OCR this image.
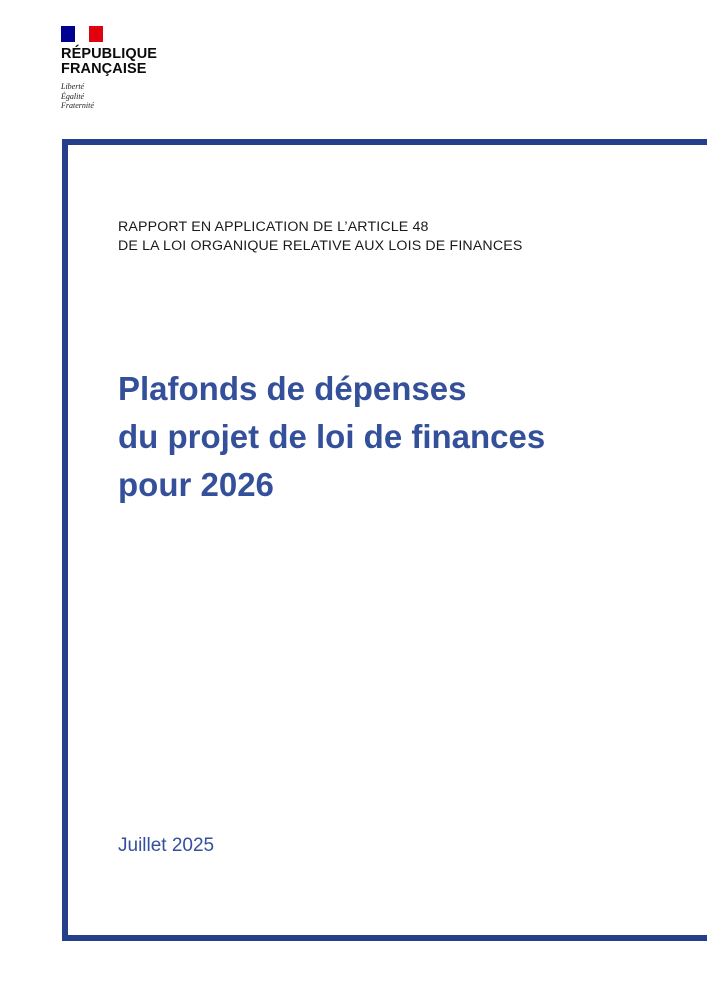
RÉPUBLIQUE
FRANÇAISE
Liberté
Égalité
Fraternité
RAPPORT EN APPLICATION DE L’ARTICLE 48
DE LA LOI ORGANIQUE RELATIVE AUX LOIS DE FINANCES
Plafonds de dépenses
du projet de loi de finances
pour 2026
Juillet 2025
